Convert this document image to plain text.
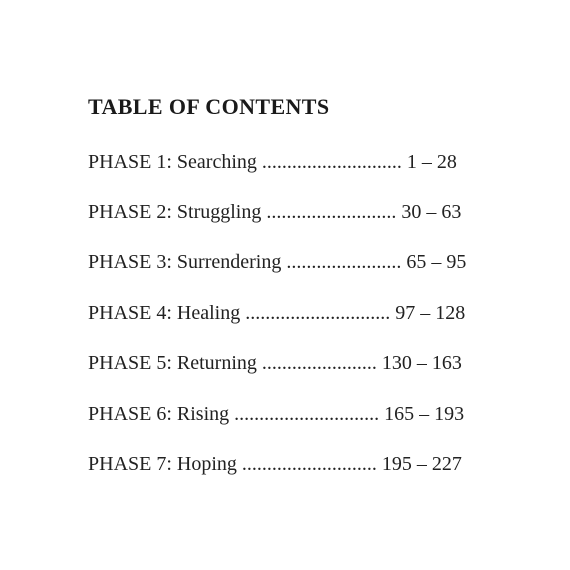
TABLE OF CONTENTS
PHASE 1: Searching ............................ 1 – 28
PHASE 2: Struggling .......................... 30 – 63
PHASE 3: Surrendering ....................... 65 – 95
PHASE 4: Healing ............................. 97 – 128
PHASE 5: Returning ....................... 130 – 163
PHASE 6: Rising ............................. 165 – 193
PHASE 7: Hoping ........................... 195 – 227
